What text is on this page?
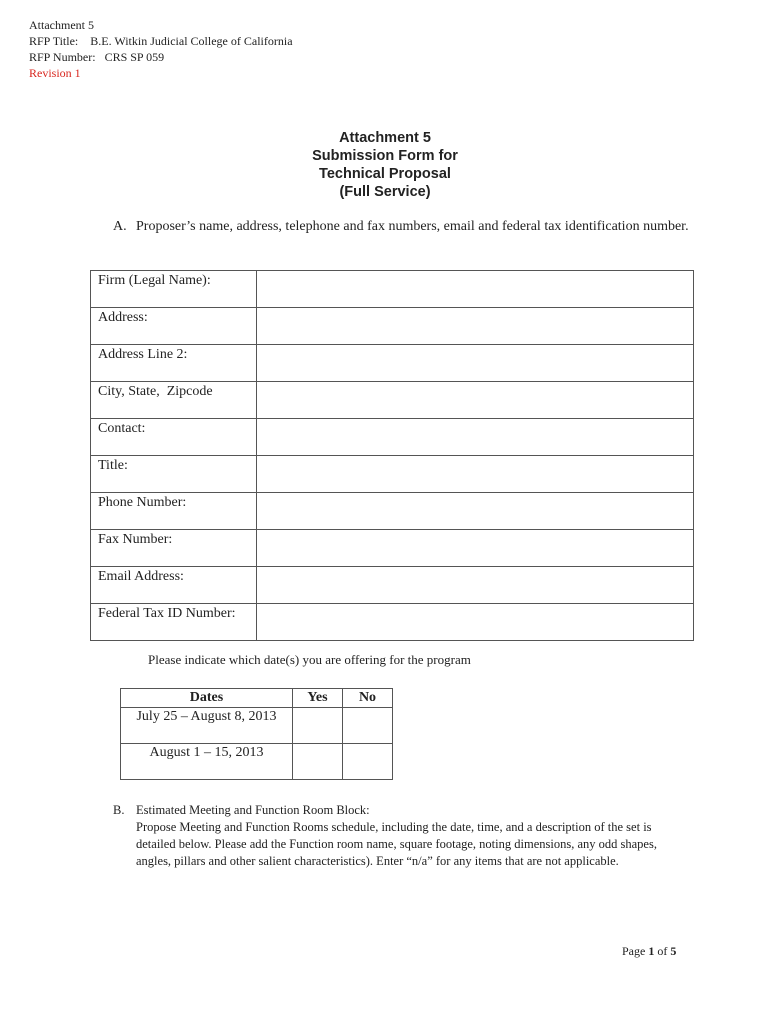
Attachment 5
RFP Title:    B.E. Witkin Judicial College of California
RFP Number:   CRS SP 059
Revision 1
Attachment 5
Submission Form for
Technical Proposal
(Full Service)
A. Proposer’s name, address, telephone and fax numbers, email and federal tax identification number.
Firm (Legal Name):	
Address:	
Address Line 2:	
City, State,  Zipcode	
Contact:	
Title:	
Phone Number:	
Fax Number:	
Email Address:	
Federal Tax ID Number:	
Please indicate which date(s) you are offering for the program
Dates	Yes	No
July 25 – August 8, 2013		
August 1 – 15, 2013		
B. Estimated Meeting and Function Room Block:
Propose Meeting and Function Rooms schedule, including the date, time, and a description of the set is detailed below. Please add the Function room name, square footage, noting dimensions, any odd shapes, angles, pillars and other salient characteristics). Enter “n/a” for any items that are not applicable.
Page 1 of 5
